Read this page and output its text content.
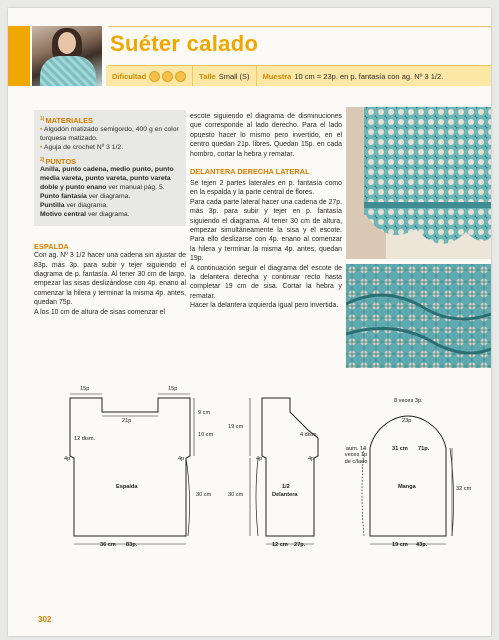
Suéter calado
Dificultad	Talle Small (S) Muestra 10 cm = 23p. en p. fantasía con ag. Nº 3 1/2.
$^{1)}$MATERIALES
• Algodón matizado semigordo, 400 g en color turquesa matizado.
• Aguja de crochet Nº 3 1/2.
$^{2)}$PUNTOS
Anilla, punto cadena, medio punto, punto media vareta, punto vareta, punto vareta doble y punto enano ver manual pág. 5.
Punto fantasía ver diagrama.
Puntilla ver diagrama.
Motivo central ver diagrama.
ESPALDA
Con ag. Nº 3 1/2 hacer una cadena sin ajustar de 83p. más 3p. para subir y tejer siguiendo el diagrama de p. fantasía. Al tener 30 cm de largo, empezar las sisas deslizándose con 4p. enano al comenzar la hilera y terminar la misma 4p. antes, quedan 75p.
A los 10 cm de altura de sisas comenzar el
escote siguiendo el diagrama de disminuciones que corresponde al lado derecho. Para el lado opuesto hacer lo mismo pero invertido, en el centro quedan 21p. libres. Quedan 15p. en cada hombro, cortar la hebra y rematar.
DELANTERA DERECHA LATERAL
Se tejen 2 partes laterales en p. fantasía como en la espalda y la parte central de flores.
Para cada parte lateral hacer una cadena de 27p. más 3p. para subir y tejer en p. fantasía siguiendo el diagrama. Al tener 30 cm de altura, empezar simultáneamente la sisa y el escote. Para ello deslizarse con 4p. enano al comenzar la hilera y terminar la misma 4p. antes, quedan 19p.
A continuación seguir el diagrama del escote de la delantera derecha y continuar recto hasta completar 19 cm de sisa. Cortar la hebra y rematar.
Hacer la delantera izquierda igual pero invertida.
15p	15p
21p
9 cm
10 cm
12 dism.
4p	4p
Espalda
30 cm
36 cm 83p.
19 cm
4 dism.
4p	4p
1/2
Delantera
30 cm
12 cm 27p.
8 veces 3p.
23p
31 cm 71p.
aum. 14 veces 1p de c/lado
Manga	32 cm
19 cm 43p.
302
